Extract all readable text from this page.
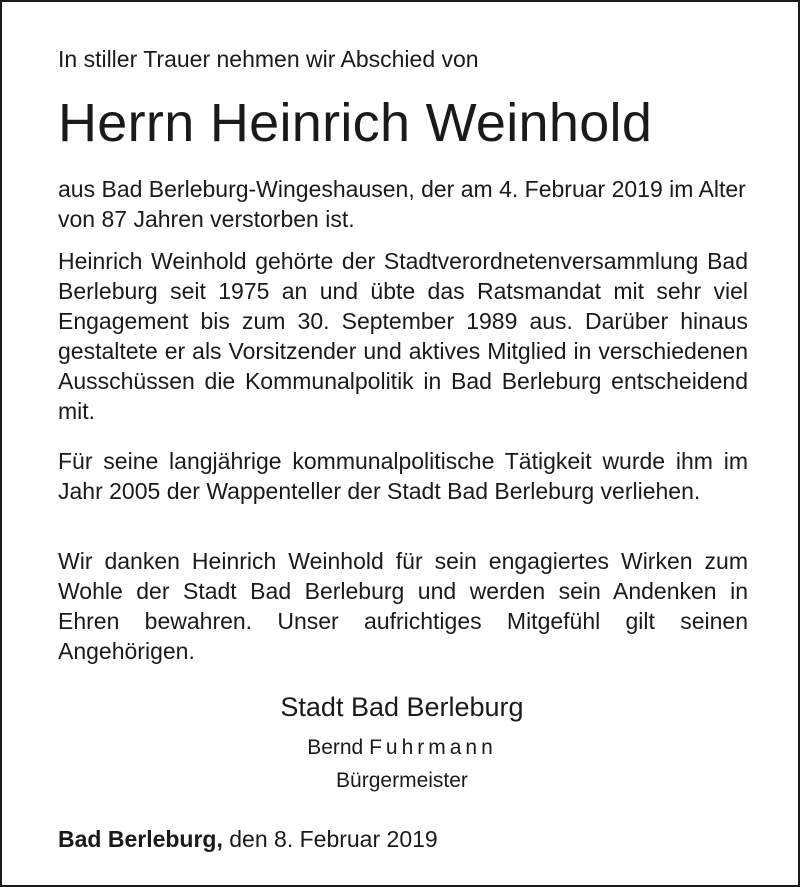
In stiller Trauer nehmen wir Abschied von
Herrn Heinrich Weinhold
aus Bad Berleburg-Wingeshausen, der am 4. Februar 2019 im Alter von 87 Jahren verstorben ist.
Heinrich Weinhold gehörte der Stadtverordnetenversammlung Bad Berleburg seit 1975 an und übte das Ratsmandat mit sehr viel Engagement bis zum 30. September 1989 aus. Darüber hinaus gestaltete er als Vorsitzender und aktives Mitglied in verschiedenen Ausschüssen die Kommunalpolitik in Bad Berleburg entscheidend mit.
Für seine langjährige kommunalpolitische Tätigkeit wurde ihm im Jahr 2005 der Wappenteller der Stadt Bad Berleburg verliehen.
Wir danken Heinrich Weinhold für sein engagiertes Wirken zum Wohle der Stadt Bad Berleburg und werden sein Andenken in Ehren bewahren. Unser aufrichtiges Mitgefühl gilt seinen Angehörigen.
Stadt Bad Berleburg
Bernd Fuhrmann
Bürgermeister
Bad Berleburg, den 8. Februar 2019
